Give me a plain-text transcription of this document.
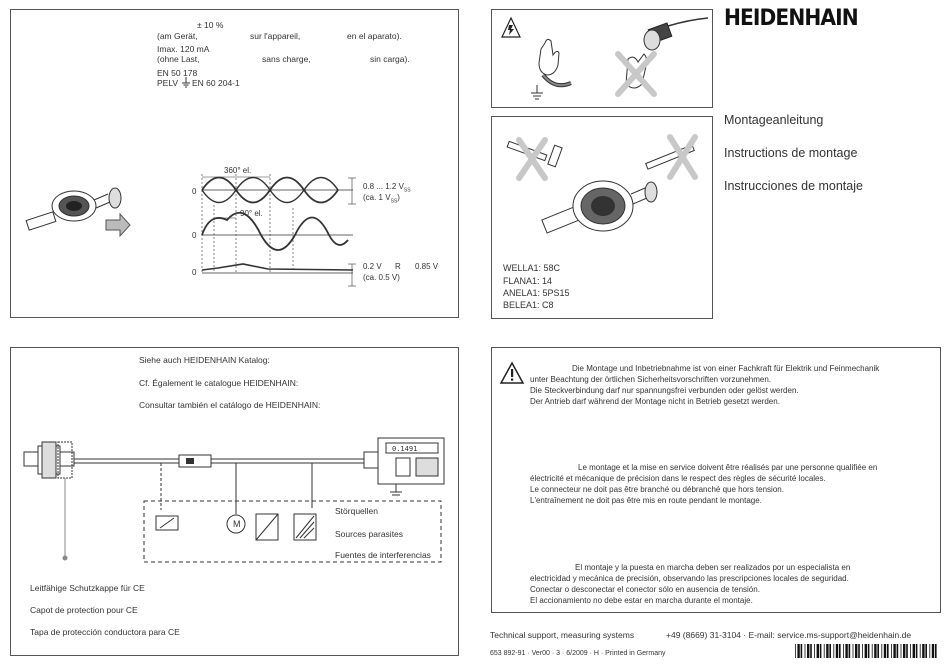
± 10 %
(am Gerät,	sur l'appareil,	en el aparato).
Imax. 120 mA
(ohne Last,	sans charge,	sin carga).
EN 50 178
PELV EN 60 204-1
360° el.
90° el.
0
0
0
0.8 ... 1.2 $V_{SS}$
(ca. 1 $V_{SS}$)
0.2 V R 0.85 V
(ca. 0.5 V)
HEIDENHAIN
Montageanleitung
Instructions de montage
Instrucciones de montaje
WELLA1: 58C
FLANA1: 14
ANELA1: 5PS15
BELEA1: C8
Siehe auch HEIDENHAIN Katalog:
Cf. Également le catalogue HEIDENHAIN:
Consultar también el catálogo de HEIDENHAIN:
0.1491
M
Störquellen
Sources parasites
Fuentes de interferencias
Leitfähige Schutzkappe für CE
Capot de protection pour CE
Tapa de protección conductora para CE
Die Montage und Inbetriebnahme ist von einer Fachkraft für Elektrik und Feinmechanik
unter Beachtung der örtlichen Sicherheitsvorschriften vorzunehmen.
Die Steckverbindung darf nur spannungsfrei verbunden oder gelöst werden.
Der Antrieb darf während der Montage nicht in Betrieb gesetzt werden.
Le montage et la mise en service doivent être réalisés par une personne qualifiée en
électricité et mécanique de précision dans le respect des règles de sécurité locales.
Le connecteur ne doit pas être branché ou débranché que hors tension.
L'entraînement ne doit pas être mis en route pendant le montage.
El montaje y la puesta en marcha deben ser realizados por un especialista en
electricidad y mecánica de precisión, observando las prescripciones locales de seguridad.
Conectar o desconectar el conector sólo en ausencia de tensión.
El accionamiento no debe estar en marcha durante el montaje.
Technical support, measuring systems	+49 (8669) 31-3104 · E-mail: service.ms-support@heidenhain.de
653 892-91 · Ver00 · 3 · 6/2009 · H · Printed in Germany
